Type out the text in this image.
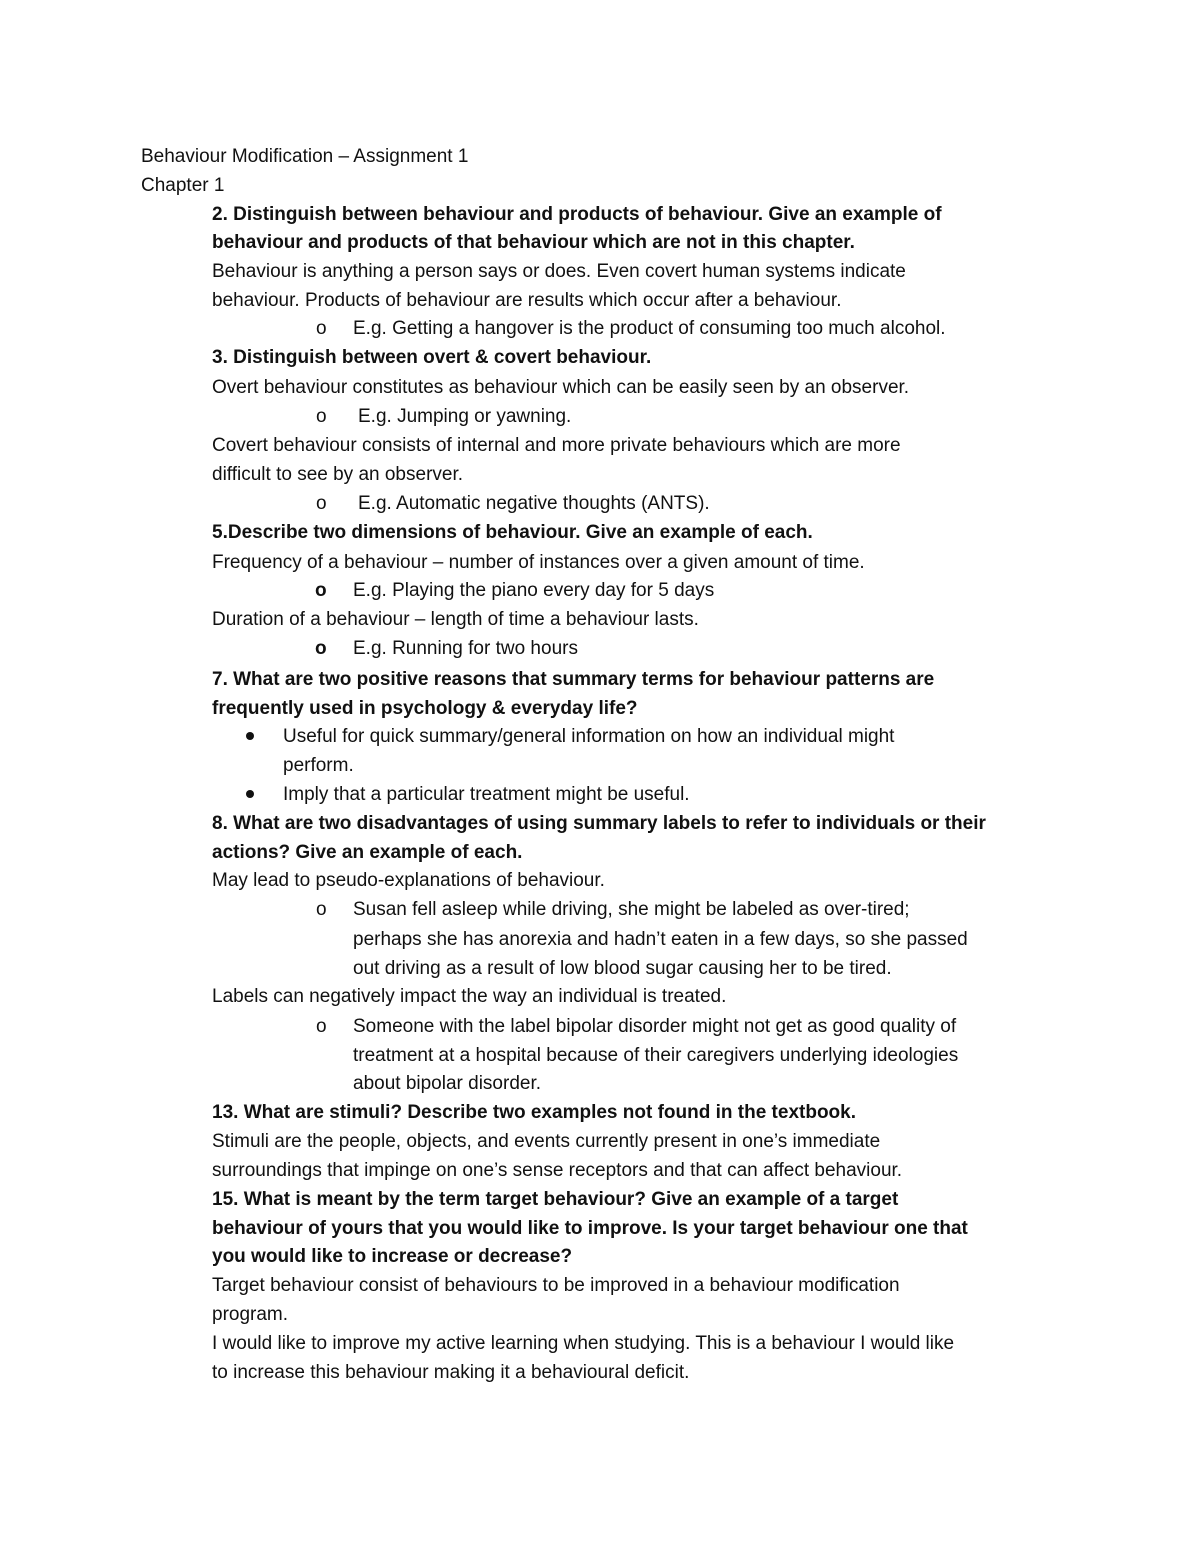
Behaviour Modification – Assignment 1
Chapter 1
2. Distinguish between behaviour and products of behaviour. Give an example of
behaviour and products of that behaviour which are not in this chapter.
Behaviour is anything a person says or does. Even covert human systems indicate
behaviour. Products of behaviour are results which occur after a behaviour.
o E.g. Getting a hangover is the product of consuming too much alcohol.
3. Distinguish between overt & covert behaviour.
Overt behaviour constitutes as behaviour which can be easily seen by an observer.
o E.g. Jumping or yawning.
Covert behaviour consists of internal and more private behaviours which are more
difficult to see by an observer.
o E.g. Automatic negative thoughts (ANTS).
5.Describe two dimensions of behaviour. Give an example of each.
Frequency of a behaviour – number of instances over a given amount of time.
o E.g. Playing the piano every day for 5 days
Duration of a behaviour – length of time a behaviour lasts.
o E.g. Running for two hours
7. What are two positive reasons that summary terms for behaviour patterns are
frequently used in psychology & everyday life?
Useful for quick summary/general information on how an individual might
perform.
Imply that a particular treatment might be useful.
8. What are two disadvantages of using summary labels to refer to individuals or their
actions? Give an example of each.
May lead to pseudo-explanations of behaviour.
o Susan fell asleep while driving, she might be labeled as over-tired;
perhaps she has anorexia and hadn’t eaten in a few days, so she passed
out driving as a result of low blood sugar causing her to be tired.
Labels can negatively impact the way an individual is treated.
o Someone with the label bipolar disorder might not get as good quality of
treatment at a hospital because of their caregivers underlying ideologies
about bipolar disorder.
13. What are stimuli? Describe two examples not found in the textbook.
Stimuli are the people, objects, and events currently present in one’s immediate
surroundings that impinge on one’s sense receptors and that can affect behaviour.
15. What is meant by the term target behaviour? Give an example of a target
behaviour of yours that you would like to improve. Is your target behaviour one that
you would like to increase or decrease?
Target behaviour consist of behaviours to be improved in a behaviour modification
program.
I would like to improve my active learning when studying. This is a behaviour I would like
to increase this behaviour making it a behavioural deficit.
